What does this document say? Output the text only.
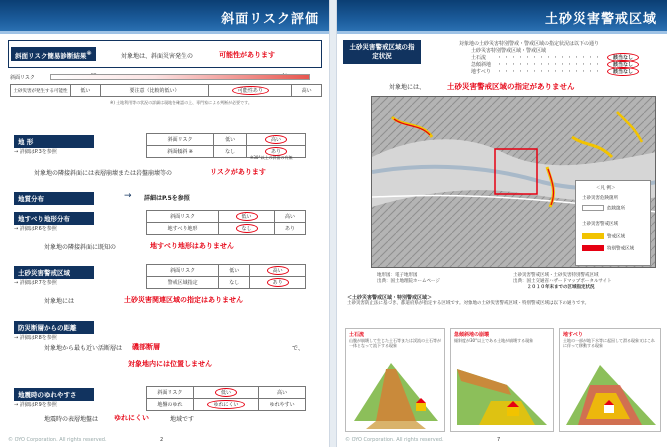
斜面リスク評価
斜面リスク簡易診断結果※	対象地は、斜面災害発生の	可能性があります
斜面リスク
土砂災害が発生する可能性	低い	要注意（比較的低い）	可能性あり	高い
※) 土地利用等の状況の詳細は現地を確認の上、専門家による判断が必要です。
地 形
→ 詳細はP.3を参照
斜面リスク	低い	高い
斜面傾斜 ※	なし	あり
※30°以上の斜面の有無
対象地の隣接斜面には表層崩壊または岩盤崩壊等の	リスクがあります
地質分布	→ 詳細はP.5を参照
地すべり地形分布
→ 詳細はP.6を参照
斜面リスク	低い	高い
地すべり地形	なし	あり
対象地の隣接斜面に既知の	地すべり地形はありません
土砂災害警戒区域
→ 詳細はP.7を参照
斜面リスク	低い	高い
警戒区域指定	なし	あり
対象地には	土砂災害関連区域の指定はありません
防災断層からの距離
→ 詳細はP.8を参照
対象地から最も近い活断層は 磯部断層	で、
対象地内には位置しません
地震時のゆれやすさ
→ 詳細はP.9を参照
斜面リスク	低い	高い
地盤のゆれ	ゆれにくい	ゆれやすい
地震時の表層地盤は ゆれにくい	地域です
© OYO Corporation. All rights reserved.	2
土砂災害警戒区域
土砂災害警戒区域の指定状況
対象地の土砂災害特別警戒・警戒区域の指定状況は以下の通り
土砂災害特別警戒区域・警戒区域
土石流 ・・・・・・・・・・・・・・・	該当なし
急傾斜地 ・・・・・・・・・・・・・・・	該当なし
地すべり ・・・・・・・・・・・・・・・	該当なし
対象地には、	土砂災害警戒区域の指定がありません
＜凡 例＞
土砂災害危険箇所
危険箇所
土砂災害警戒区域
警戒区域
特別警戒区域
地形図：電子地形図
出典：国土地理院ホームページ
土砂災害警戒区域・土砂災害特別警戒区域
出典：国土交通省ハザードマップポータルサイト
２０１０年末までの区域指定状況
＜土砂災害警戒区域・特別警戒区域＞
土砂災害防止法に基づき、都道府県が指定する区域です。対象地の土砂災害警戒区域・特別警戒区域は以下の通りです。
土石流
山腹が崩壊して生じた土石等または渓流の土石等が一体となって流下する現象
急傾斜地の崩壊
傾斜度が30°以上である土地が崩壊する現象
地すべり
土地の一部が地下水等に起因して滑る現象又はこれに伴って移動する現象
© OYO Corporation. All rights reserved.	7
